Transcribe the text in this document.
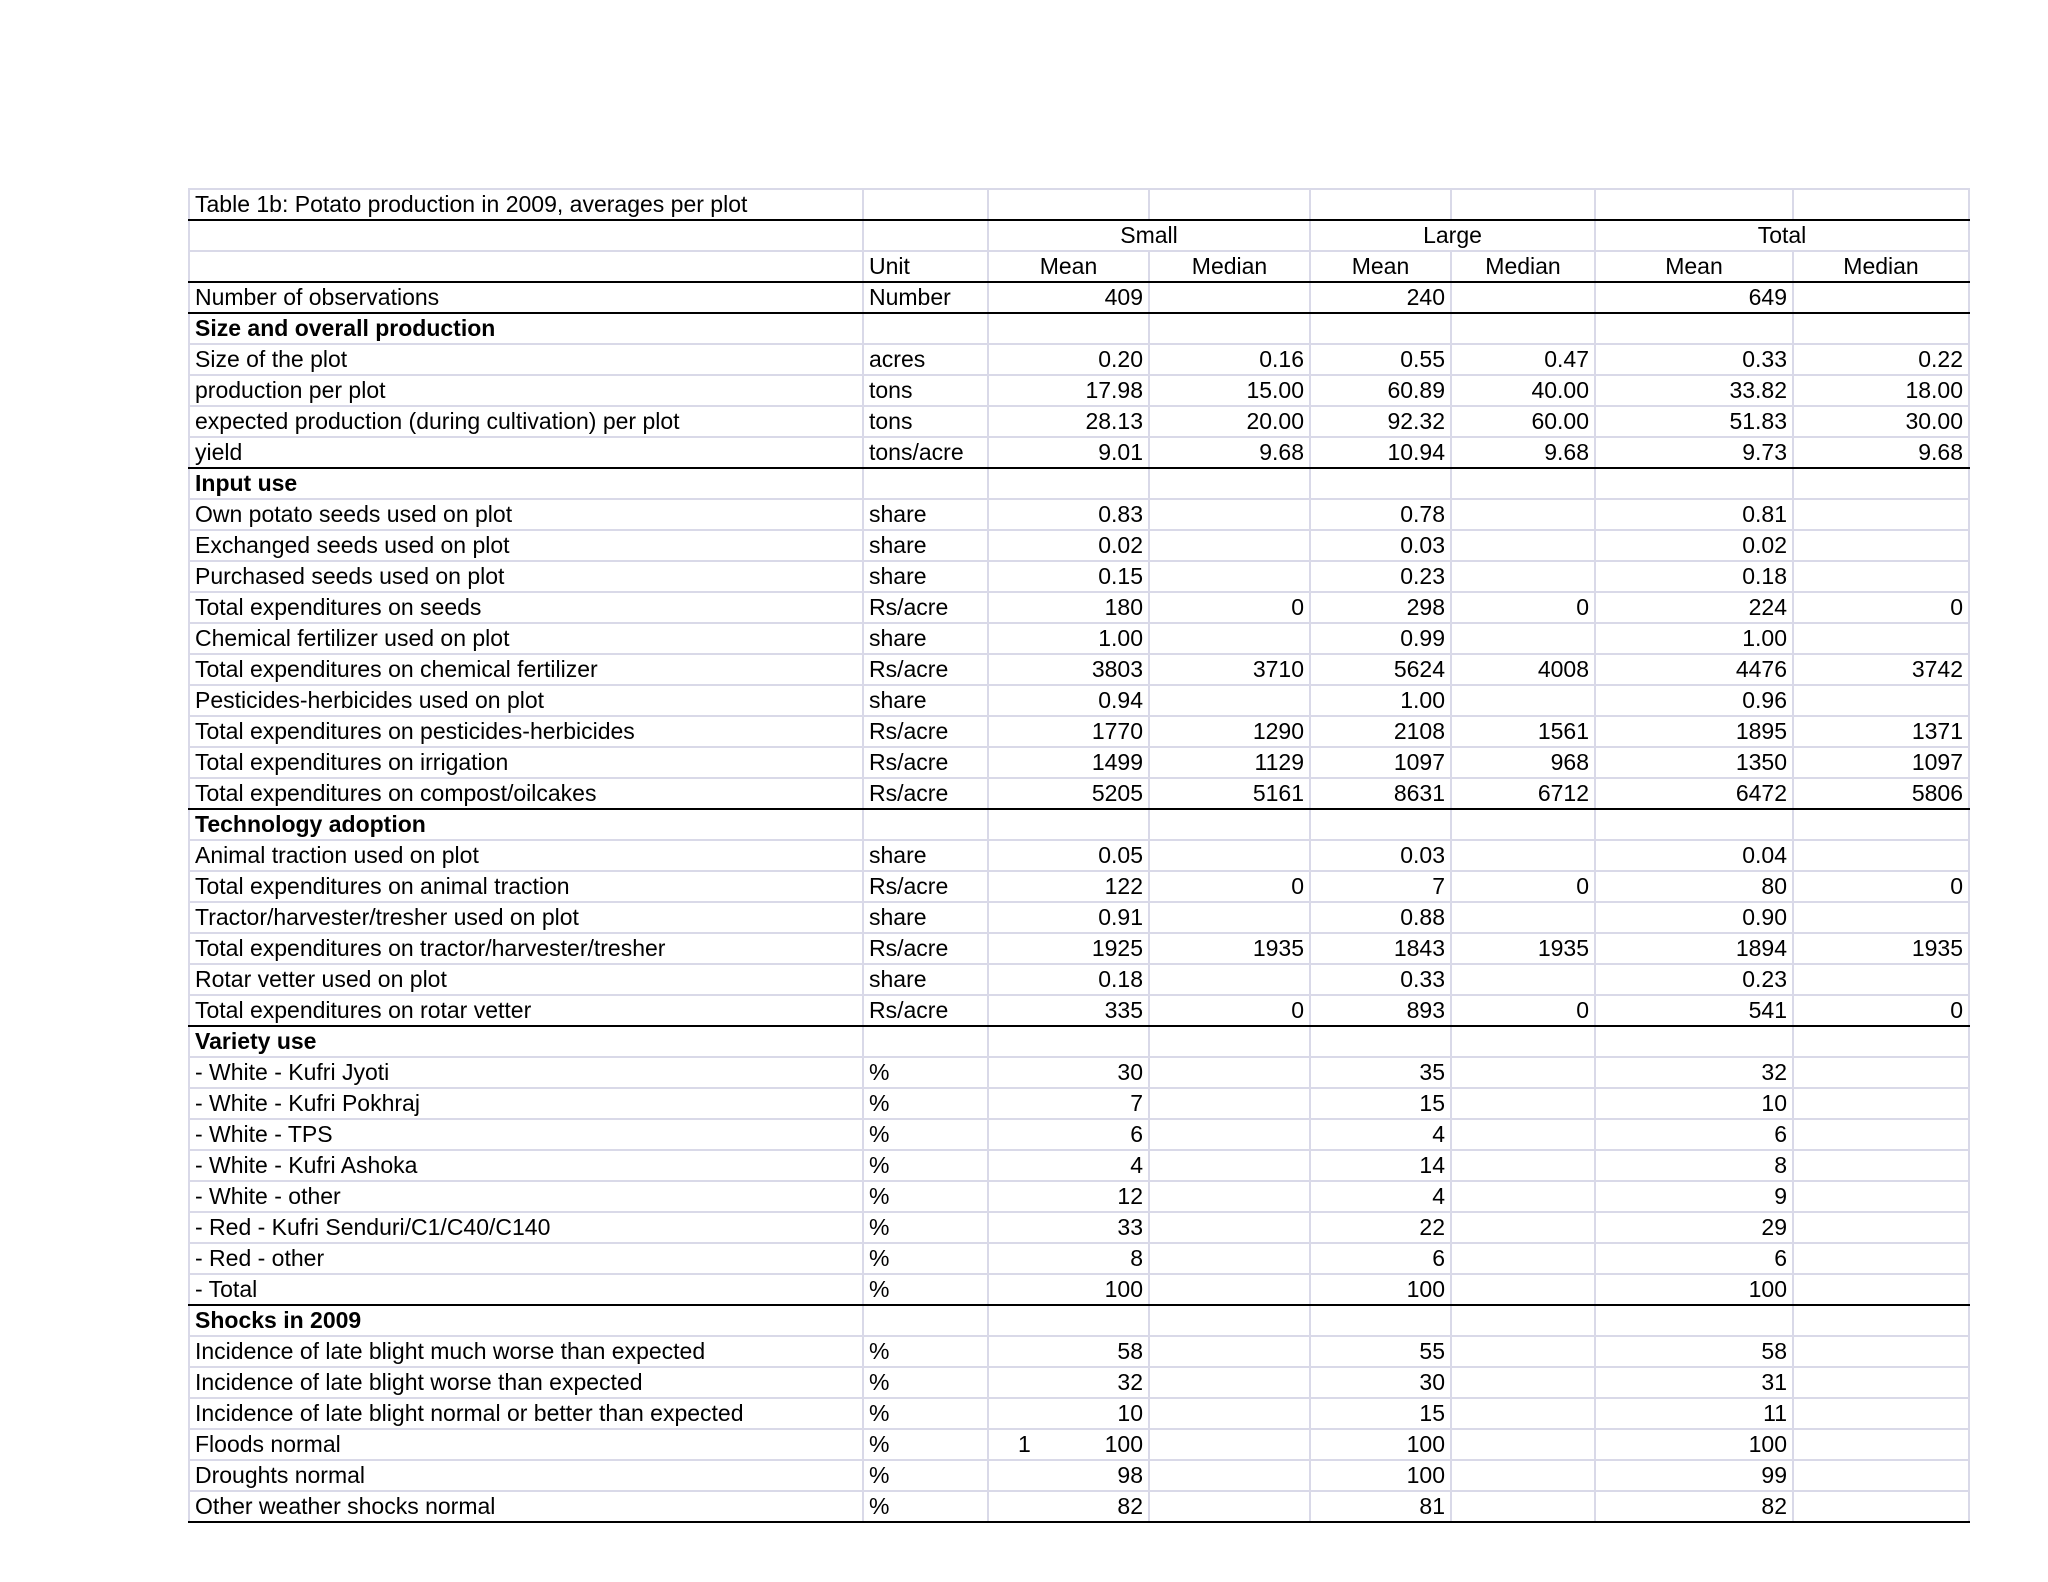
Table 1b: Potato production in 2009, averages per plot							
		Small		Large		Total	
	Unit	Mean	Median	Mean	Median	Mean	Median
Number of observations	Number	409		240		649	
Size and overall production							
Size of the plot	acres	0.20	0.16	0.55	0.47	0.33	0.22
production per plot	tons	17.98	15.00	60.89	40.00	33.82	18.00
expected production (during cultivation) per plot	tons	28.13	20.00	92.32	60.00	51.83	30.00
yield	tons/acre	9.01	9.68	10.94	9.68	9.73	9.68
Input use							
Own potato seeds used on plot	share	0.83		0.78		0.81	
Exchanged seeds used on plot	share	0.02		0.03		0.02	
Purchased seeds used on plot	share	0.15		0.23		0.18	
Total expenditures on seeds	Rs/acre	180	0	298	0	224	0
Chemical fertilizer used on plot	share	1.00		0.99		1.00	
Total expenditures on chemical fertilizer	Rs/acre	3803	3710	5624	4008	4476	3742
Pesticides-herbicides used on plot	share	0.94		1.00		0.96	
Total expenditures on pesticides-herbicides	Rs/acre	1770	1290	2108	1561	1895	1371
Total expenditures on irrigation	Rs/acre	1499	1129	1097	968	1350	1097
Total expenditures on compost/oilcakes	Rs/acre	5205	5161	8631	6712	6472	5806
Technology adoption							
Animal traction used on plot	share	0.05		0.03		0.04	
Total expenditures on animal traction	Rs/acre	122	0	7	0	80	0
Tractor/harvester/tresher used on plot	share	0.91		0.88		0.90	
Total expenditures on tractor/harvester/tresher	Rs/acre	1925	1935	1843	1935	1894	1935
Rotar vetter used on plot	share	0.18		0.33		0.23	
Total expenditures on rotar vetter	Rs/acre	335	0	893	0	541	0
Variety use							
- White - Kufri Jyoti	%	30		35		32	
- White - Kufri Pokhraj	%	7		15		10	
- White - TPS	%	6		4		6	
- White - Kufri Ashoka	%	4		14		8	
- White - other	%	12		4		9	
- Red - Kufri Senduri/C1/C40/C140	%	33		22		29	
- Red - other	%	8		6		6	
- Total	%	100		100		100	
Shocks in 2009							
Incidence of late blight much worse than expected	%	58		55		58	
Incidence of late blight worse than expected	%	32		30		31	
Incidence of late blight normal or better than expected	%	10		15		11	
Floods normal	%	100		100		100	
Droughts normal	%	98		100		99	
Other weather shocks normal	%	82		81		82	
1
